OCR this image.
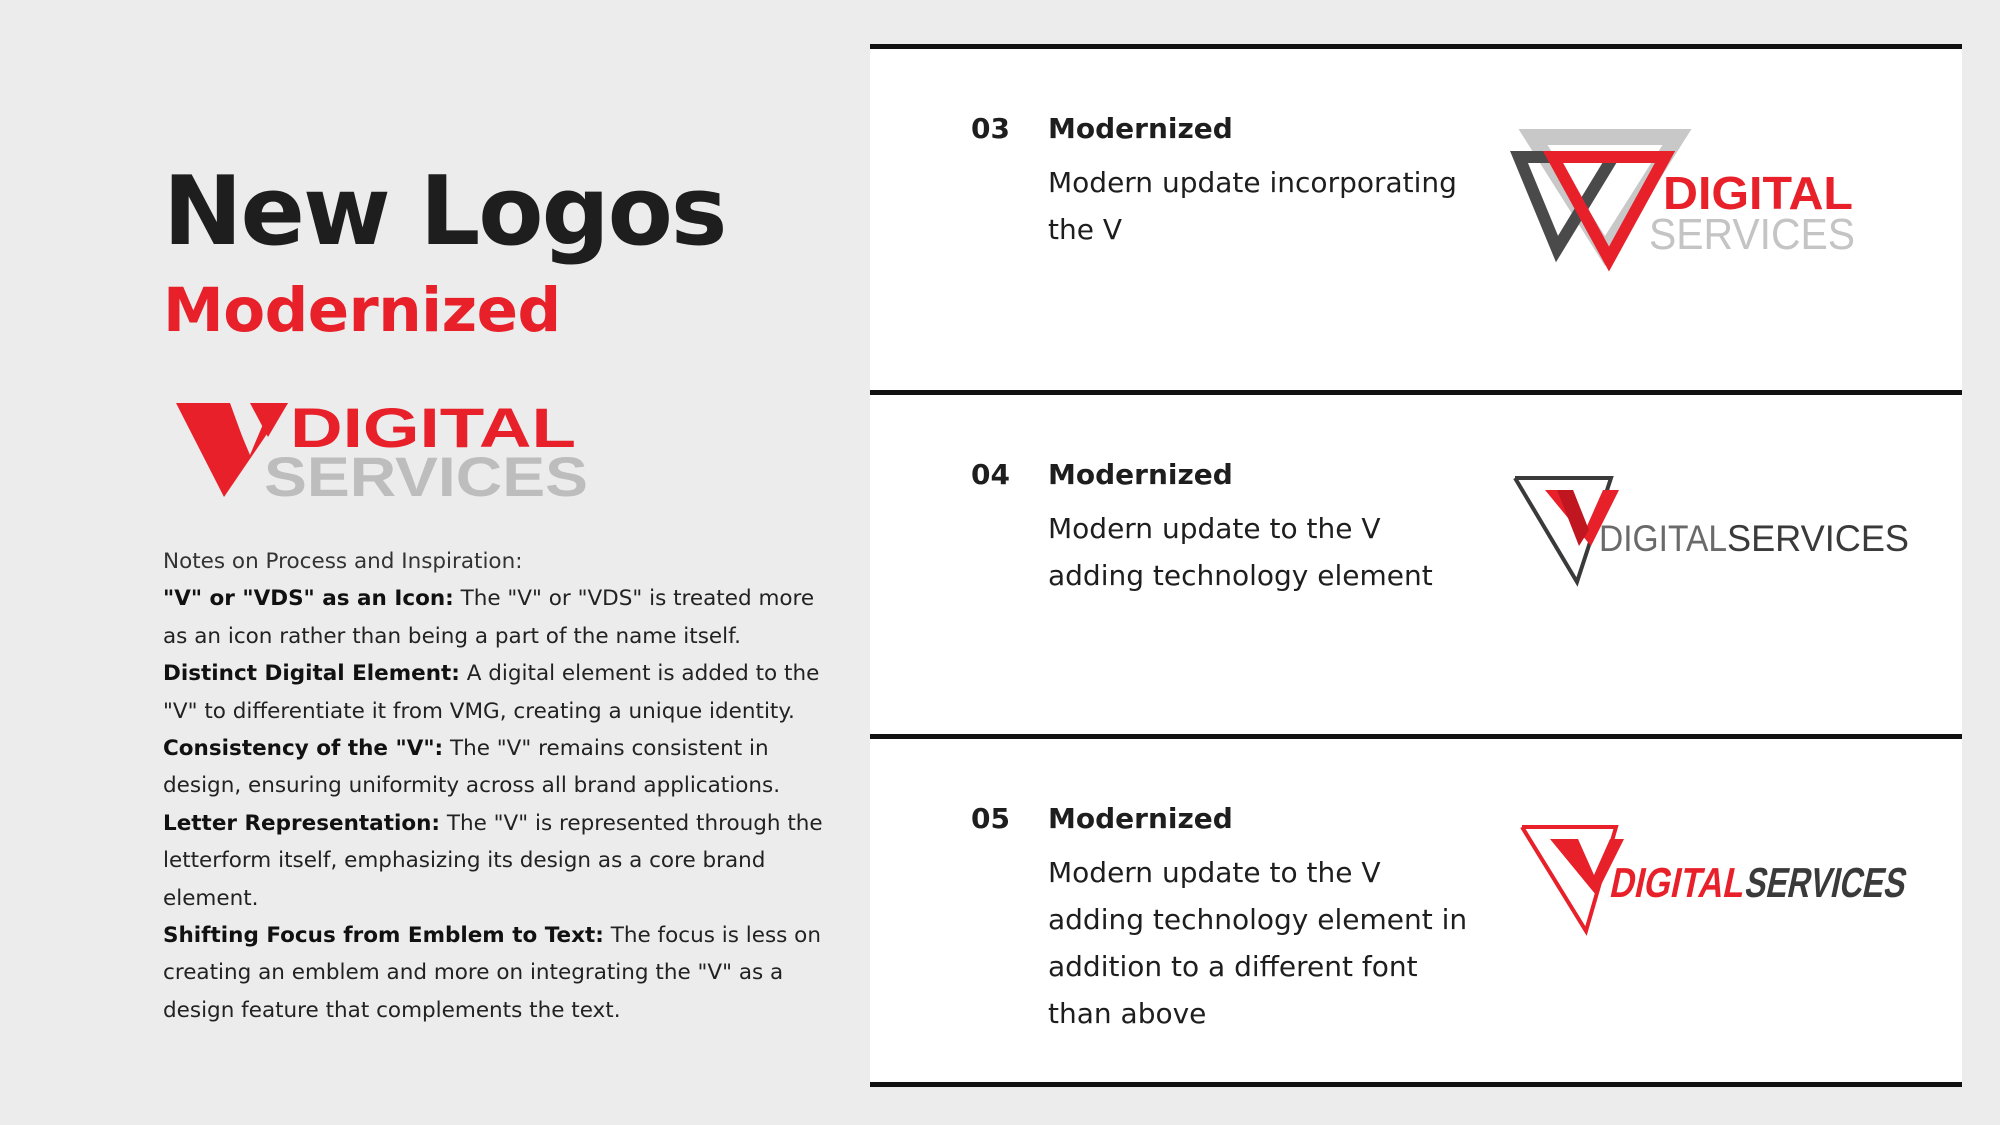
New Logos
Modernized
DIGITAL
SERVICES
Notes on Process and Inspiration:

"V" or "VDS" as an Icon: The "V" or "VDS" is treated more as an icon rather than being a part of the name itself.

Distinct Digital Element: A digital element is added to the "V" to differentiate it from VMG, creating a unique identity.

Consistency of the "V": The "V" remains consistent in design, ensuring uniformity across all brand applications.

Letter Representation: The "V" is represented through the letterform itself, emphasizing its design as a core brand element.

Shifting Focus from Emblem to Text: The focus is less on creating an emblem and more on integrating the "V" as a design feature that complements the text.

03 Modernized
Modern update incorporating the V
DIGITAL
SERVICES
04 Modernized
Modern update to the V adding technology element
DIGITAL SERVICES
05 Modernized
Modern update to the V adding technology element in addition to a different font than above
DIGITAL
SERVICES
